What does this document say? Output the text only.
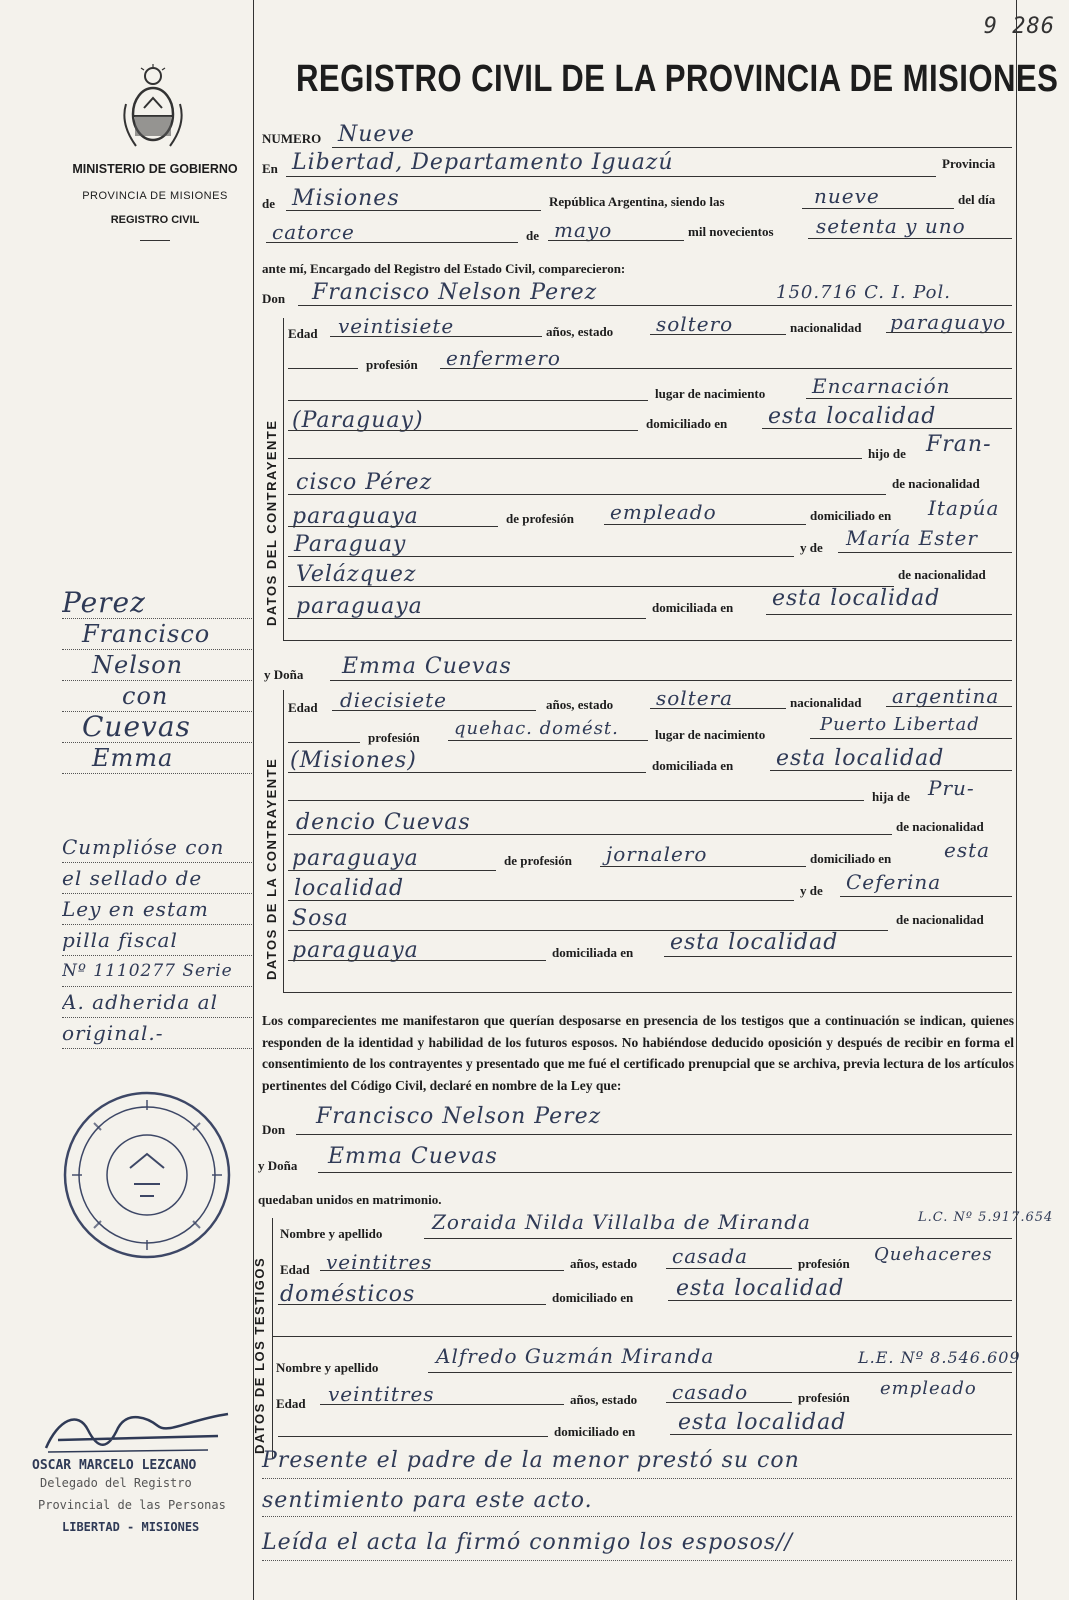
9 286
REGISTRO CIVIL DE LA PROVINCIA DE MISIONES
MINISTERIO DE GOBIERNO
PROVINCIA DE MISIONES
REGISTRO CIVIL
Perez
Francisco
Nelson
con
Cuevas
Emma
Cumplióse con
el sellado de
Ley en estam
pilla fiscal
Nº 1110277 Serie
A. adherida al
original.-
OSCAR MARCELO LEZCANO
Delegado del Registro
Provincial de las Personas
LIBERTAD - MISIONES
NUMERO Nueve
En Libertad, Departamento Iguazú	Provincia
de Misiones	República Argentina, siendo las	nueve	del día
catorce	de mayo	mil novecientos setenta y uno
ante mí, Encargado del Registro del Estado Civil, comparecieron:
Don Francisco Nelson Perez	150.716 C. I. Pol.
DATOS DEL CONTRAYENTE
Edad veintisiete	años, estado soltero	nacionalidad paraguayo
profesión enfermero
lugar de nacimiento Encarnación
(Paraguay)	domiciliado en esta localidad
hijo de Fran-
cisco Pérez	de nacionalidad
paraguaya	de profesión empleado	domiciliado en Itapúa
Paraguay	y de María Ester
Velázquez	de nacionalidad
paraguaya	domiciliada en esta localidad
y Doña Emma Cuevas
DATOS DE LA CONTRAYENTE
Edad diecisiete	años, estado soltera	nacionalidad argentina
profesión quehac. domést.	lugar de nacimiento	Puerto Libertad
(Misiones)	domiciliada en esta localidad
hija de Pru-
dencio Cuevas	de nacionalidad
paraguaya	de profesión jornalero	domiciliado en	esta
localidad	y de Ceferina
Sosa	de nacionalidad
paraguaya	domiciliada en esta localidad
Los comparecientes me manifestaron que querían desposarse en presencia de los testigos que a continuación se indican, quienes responden de la identidad y habilidad de los futuros esposos. No habiéndose deducido oposición y después de recibir en forma el consentimiento de los contrayentes y presentado que me fué el certificado prenupcial que se archiva, previa lectura de los artículos pertinentes del Código Civil, declaré en nombre de la Ley que:
Don
Francisco Nelson Perez
y Doña Emma Cuevas
quedaban unidos en matrimonio.
DATOS DE LOS TESTIGOS
Nombre y apellido Zoraida Nilda Villalba de Miranda	L.C. Nº 5.917.654
Edad veintitres	años, estado casada	profesión Quehaceres
domésticos	domiciliado en esta localidad
Nombre y apellido	Alfredo Guzmán Miranda	L.E. Nº 8.546.609
Edad veintitres	años, estado casado	profesión empleado
domiciliado en esta localidad
Presente el padre de la menor prestó su con
sentimiento para este acto.
Leída el acta la firmó conmigo los esposos//
